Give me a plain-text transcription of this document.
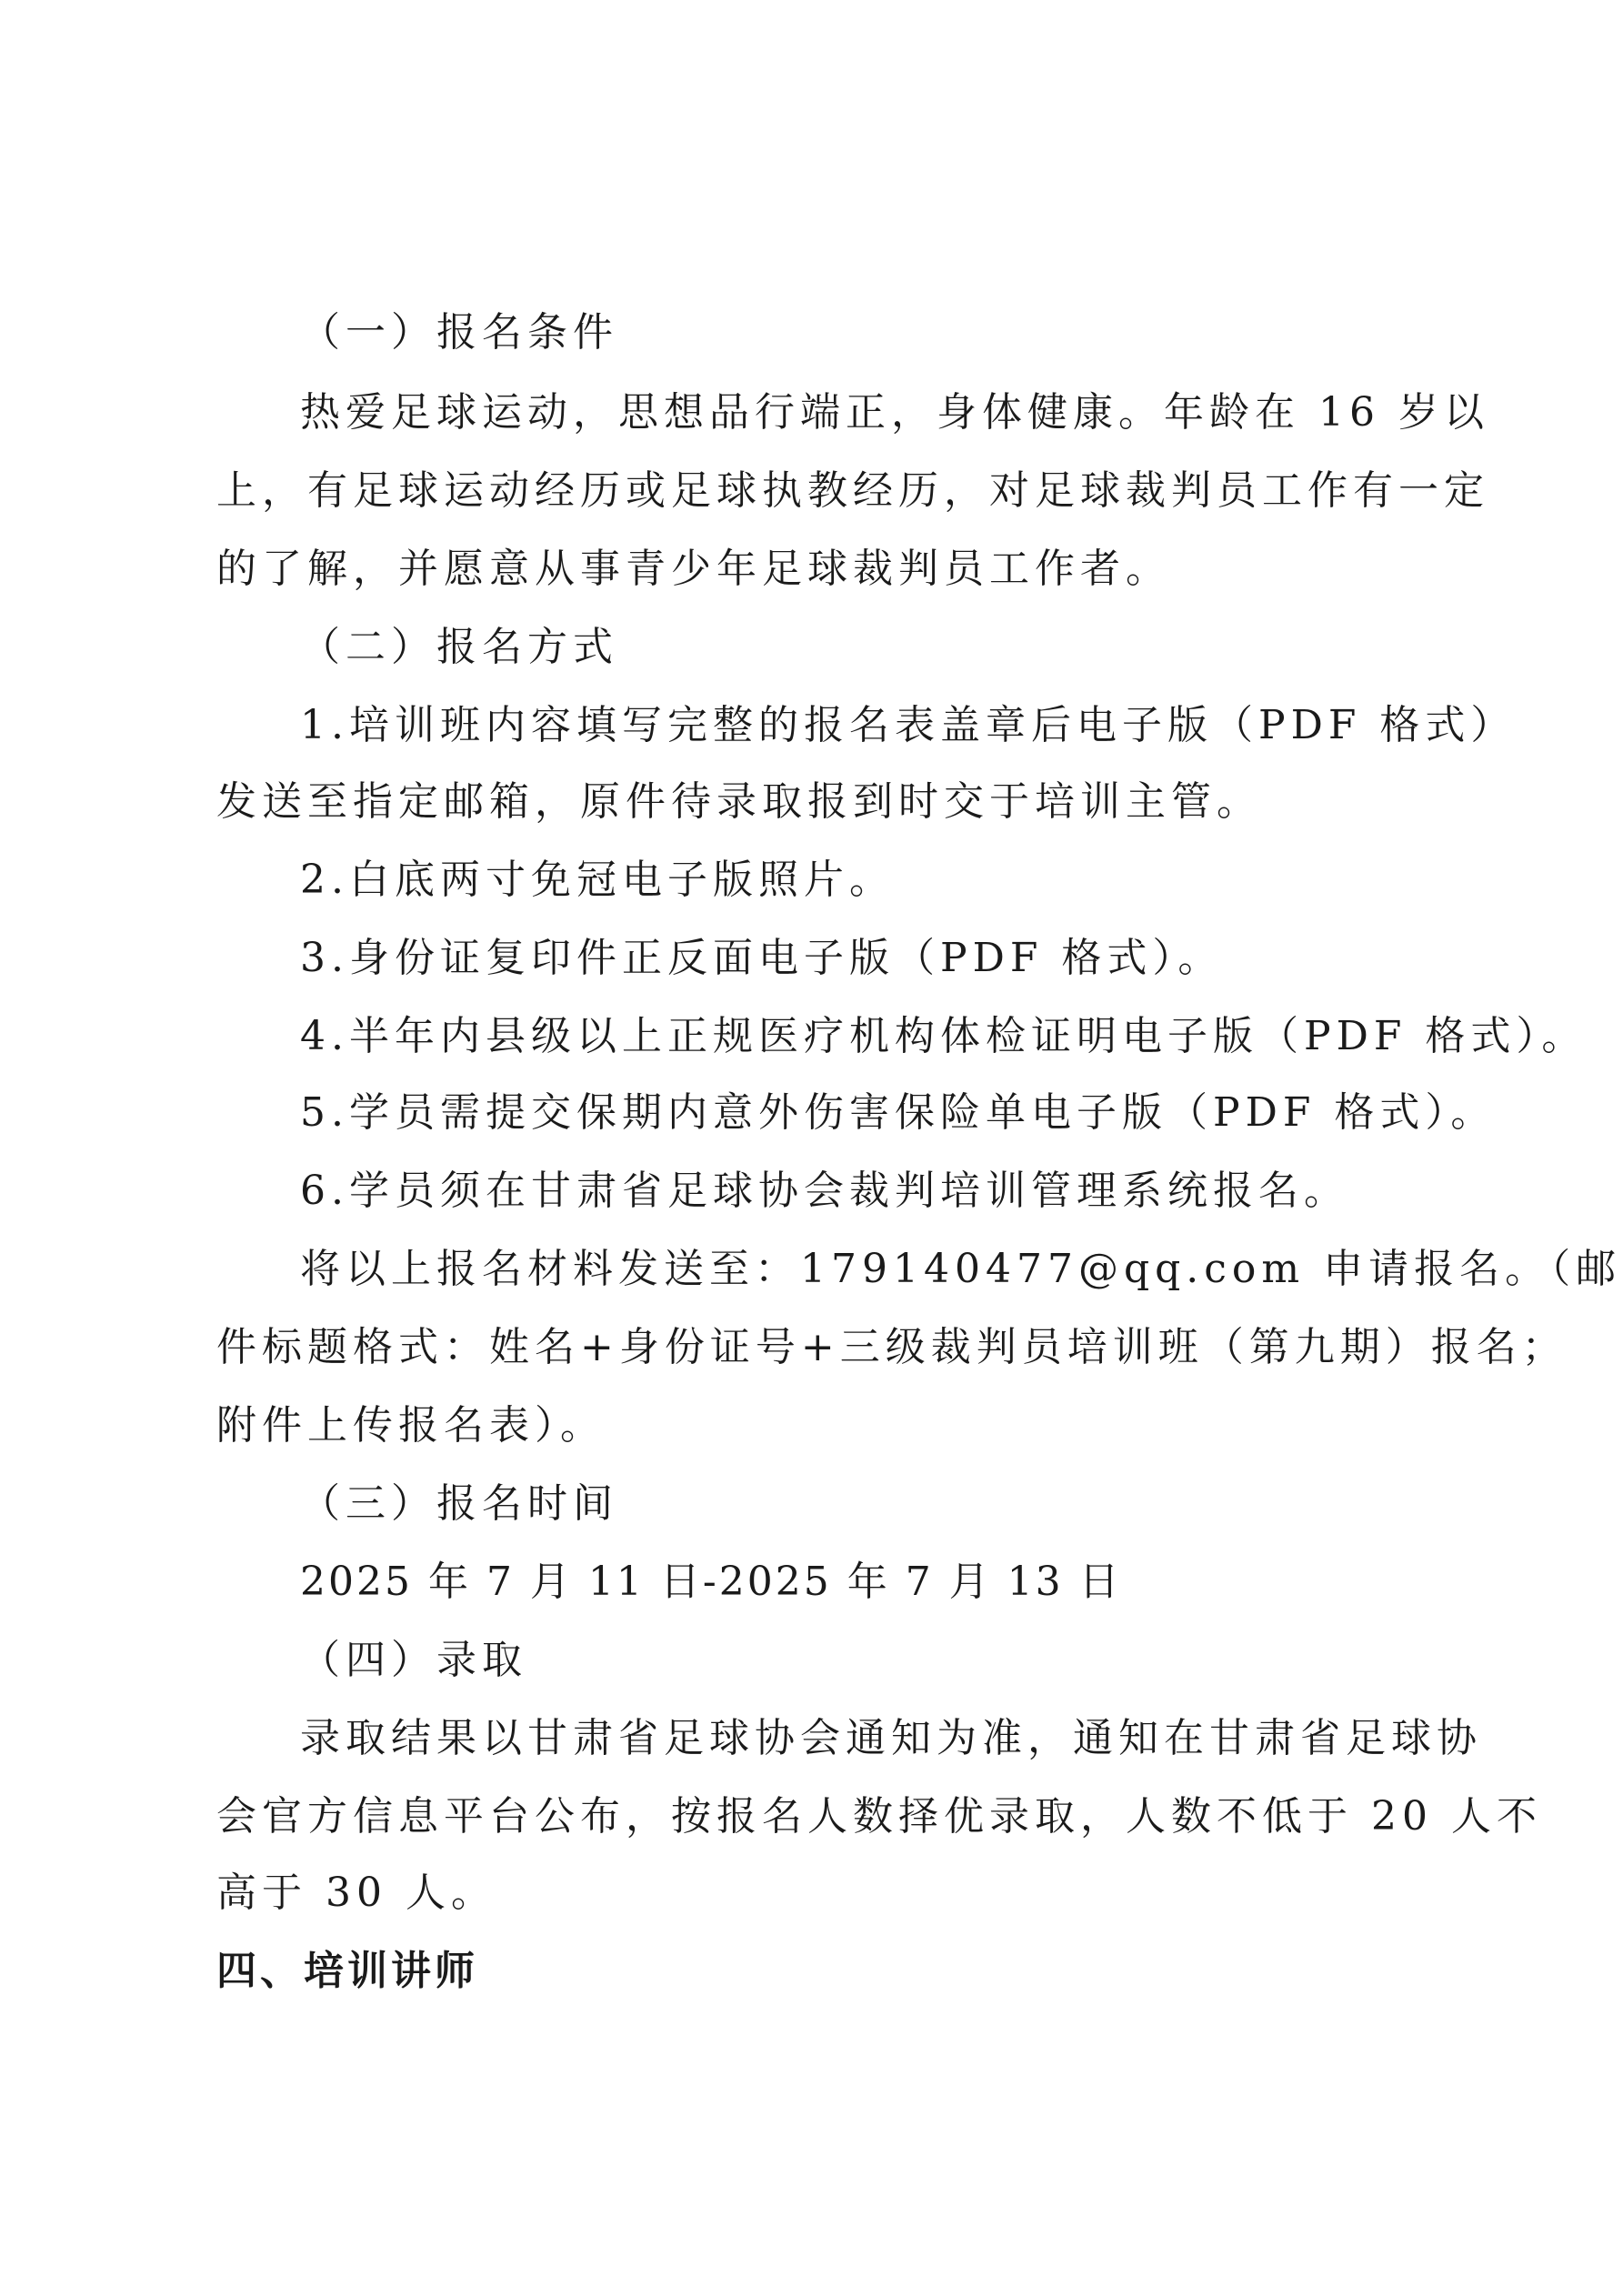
（一）报名条件
热爱足球运动，思想品行端正，身体健康。年龄在 16 岁以
上，有足球运动经历或足球执教经历，对足球裁判员工作有一定
的了解，并愿意从事青少年足球裁判员工作者。
（二）报名方式
1.培训班内容填写完整的报名表盖章后电子版（PDF 格式）
发送至指定邮箱，原件待录取报到时交于培训主管。
2.白底两寸免冠电子版照片。
3.身份证复印件正反面电子版（PDF 格式）。
4.半年内县级以上正规医疗机构体检证明电子版（PDF 格式）。
5.学员需提交保期内意外伤害保险单电子版（PDF 格式）。
6.学员须在甘肃省足球协会裁判培训管理系统报名。
将以上报名材料发送至：179140477@qq.com 申请报名。（邮
件标题格式：姓名+身份证号+三级裁判员培训班（第九期）报名；
附件上传报名表）。
（三）报名时间
2025 年 7 月 11 日-2025 年 7 月 13 日
（四）录取
录取结果以甘肃省足球协会通知为准，通知在甘肃省足球协
会官方信息平台公布，按报名人数择优录取，人数不低于 20 人不
高于 30 人。
四、培训讲师
